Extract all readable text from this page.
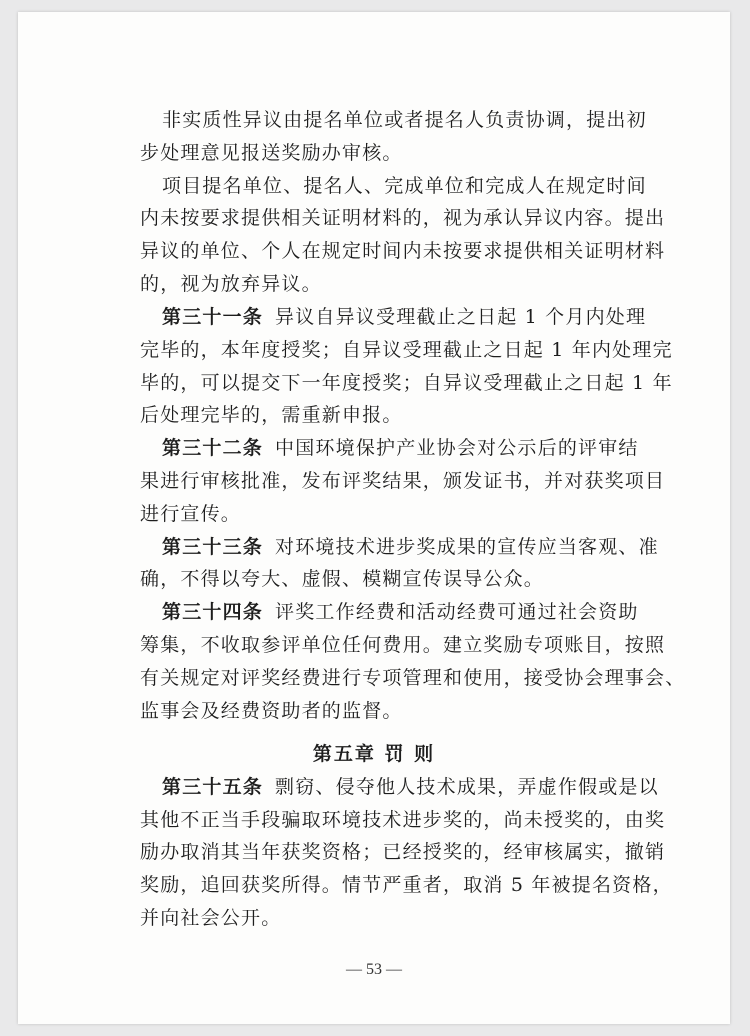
非实质性异议由提名单位或者提名人负责协调，提出初
步处理意见报送奖励办审核。
项目提名单位、提名人、完成单位和完成人在规定时间
内未按要求提供相关证明材料的，视为承认异议内容。提出
异议的单位、个人在规定时间内未按要求提供相关证明材料
的，视为放弃异议。
第三十一条 异议自异议受理截止之日起 1 个月内处理
完毕的，本年度授奖；自异议受理截止之日起 1 年内处理完
毕的，可以提交下一年度授奖；自异议受理截止之日起 1 年
后处理完毕的，需重新申报。
第三十二条 中国环境保护产业协会对公示后的评审结
果进行审核批准，发布评奖结果，颁发证书，并对获奖项目
进行宣传。
第三十三条 对环境技术进步奖成果的宣传应当客观、准
确，不得以夸大、虚假、模糊宣传误导公众。
第三十四条 评奖工作经费和活动经费可通过社会资助
筹集，不收取参评单位任何费用。建立奖励专项账目，按照
有关规定对评奖经费进行专项管理和使用，接受协会理事会、
监事会及经费资助者的监督。
第五章 罚 则
第三十五条 剽窃、侵夺他人技术成果，弄虚作假或是以
其他不正当手段骗取环境技术进步奖的，尚未授奖的，由奖
励办取消其当年获奖资格；已经授奖的，经审核属实，撤销
奖励，追回获奖所得。情节严重者，取消 5 年被提名资格，
并向社会公开。
— 53 —
